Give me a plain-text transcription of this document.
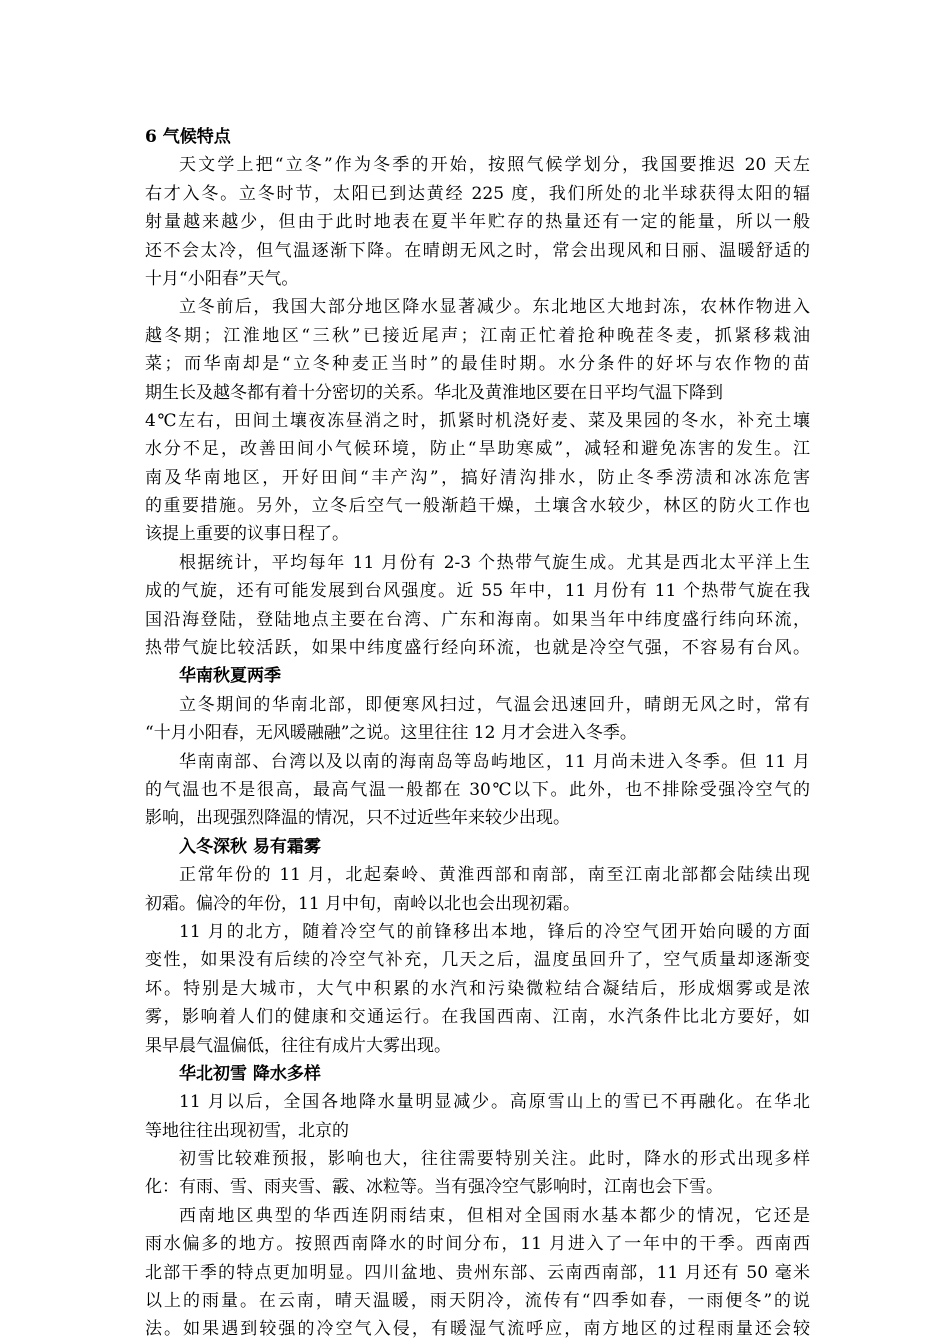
6 气候特点
天文学上把“立冬”作为冬季的开始，按照气候学划分，我国要推迟 20 天左
右才入冬。立冬时节，太阳已到达黄经 225 度，我们所处的北半球获得太阳的辐
射量越来越少，但由于此时地表在夏半年贮存的热量还有一定的能量，所以一般
还不会太冷，但气温逐渐下降。在晴朗无风之时，常会出现风和日丽、温暖舒适的
十月“小阳春”天气。
立冬前后，我国大部分地区降水显著减少。东北地区大地封冻，农林作物进入
越冬期；江淮地区“三秋”已接近尾声；江南正忙着抢种晚茬冬麦，抓紧移栽油
菜；而华南却是“立冬种麦正当时”的最佳时期。水分条件的好坏与农作物的苗
期生长及越冬都有着十分密切的关系。华北及黄淮地区要在日平均气温下降到
4℃左右，田间土壤夜冻昼消之时，抓紧时机浇好麦、菜及果园的冬水，补充土壤
水分不足，改善田间小气候环境，防止“旱助寒威”，减轻和避免冻害的发生。江
南及华南地区，开好田间“丰产沟”，搞好清沟排水，防止冬季涝渍和冰冻危害
的重要措施。另外，立冬后空气一般渐趋干燥，土壤含水较少，林区的防火工作也
该提上重要的议事日程了。
根据统计，平均每年 11 月份有 2-3 个热带气旋生成。尤其是西北太平洋上生
成的气旋，还有可能发展到台风强度。近 55 年中，11 月份有 11 个热带气旋在我
国沿海登陆，登陆地点主要在台湾、广东和海南。如果当年中纬度盛行纬向环流，
热带气旋比较活跃，如果中纬度盛行经向环流，也就是冷空气强，不容易有台风。
华南秋夏两季
立冬期间的华南北部，即便寒风扫过，气温会迅速回升，晴朗无风之时，常有
“十月小阳春，无风暖融融”之说。这里往往 12 月才会进入冬季。
华南南部、台湾以及以南的海南岛等岛屿地区，11 月尚未进入冬季。但 11 月
的气温也不是很高，最高气温一般都在 30℃以下。此外，也不排除受强冷空气的
影响，出现强烈降温的情况，只不过近些年来较少出现。
入冬深秋 易有霜雾
正常年份的 11 月，北起秦岭、黄淮西部和南部，南至江南北部都会陆续出现
初霜。偏冷的年份，11 月中旬，南岭以北也会出现初霜。
11 月的北方，随着冷空气的前锋移出本地，锋后的冷空气团开始向暖的方面
变性，如果没有后续的冷空气补充，几天之后，温度虽回升了，空气质量却逐渐变
坏。特别是大城市，大气中积累的水汽和污染微粒结合凝结后，形成烟雾或是浓
雾，影响着人们的健康和交通运行。在我国西南、江南，水汽条件比北方要好，如
果早晨气温偏低，往往有成片大雾出现。
华北初雪 降水多样
11 月以后，全国各地降水量明显减少。高原雪山上的雪已不再融化。在华北
等地往往出现初雪，北京的
初雪比较难预报，影响也大，往往需要特别关注。此时，降水的形式出现多样
化：有雨、雪、雨夹雪、霰、冰粒等。当有强冷空气影响时，江南也会下雪。
西南地区典型的华西连阴雨结束，但相对全国雨水基本都少的情况，它还是
雨水偏多的地方。按照西南降水的时间分布，11 月进入了一年中的干季。西南西
北部干季的特点更加明显。四川盆地、贵州东部、云南西南部，11 月还有 50 毫米
以上的雨量。在云南，晴天温暖，雨天阴冷，流传有“四季如春，一雨便冬”的说
法。如果遇到较强的冷空气入侵，有暖湿气流呼应，南方地区的过程雨量还会较
